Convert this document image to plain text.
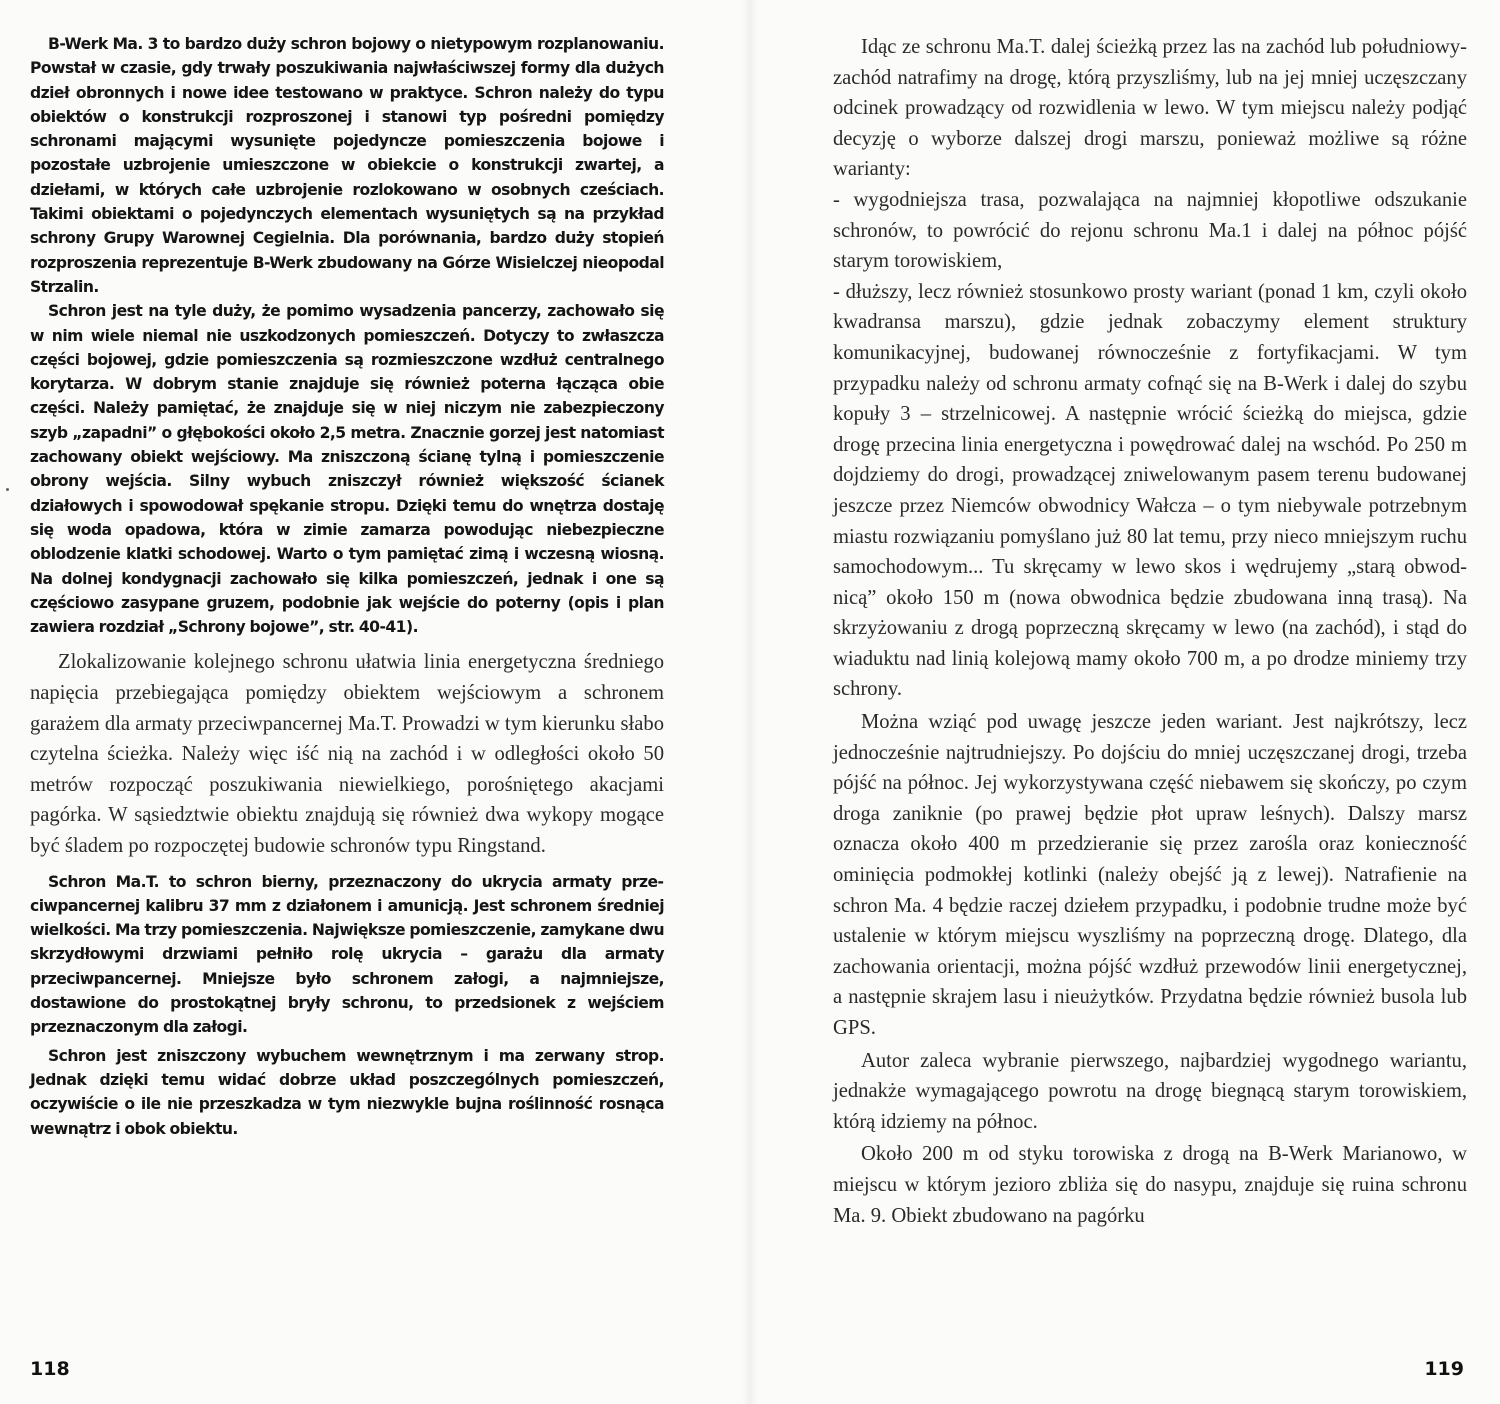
B-Werk Ma. 3 to bardzo duży schron bojowy o nietypowym rozplanowaniu. Powstał w czasie, gdy trwały poszukiwania najwłaściwszej formy dla dużych dzieł obronnych i nowe idee testowano w praktyce. Schron należy do typu obiektów o konstrukcji rozproszonej i stanowi typ pośredni pomiędzy schronami mającymi wysunięte pojedyncze pomieszczenia bojowe i pozostałe uzbrojenie umieszczone w obiekcie o konstrukcji zwartej, a dziełami, w których całe uzbrojenie rozlokowano w osobnych cześciach. Takimi obiektami o pojedynczych elementach wysuniętych są na przykład schrony Grupy Warownej Cegielnia. Dla porównania, bardzo duży stopień rozproszenia reprezentuje B-Werk zbudowany na Górze Wisielczej nieopodal Strzalin.

Schron jest na tyle duży, że pomimo wysadzenia pancerzy, zachowało się w nim wiele niemal nie uszkodzonych pomieszczeń. Dotyczy to zwłaszcza części bojowej, gdzie pomieszczenia są rozmieszczone wzdłuż centralnego korytarza. W dobrym stanie znajduje się również poterna łącząca obie części. Należy pamiętać, że znajduje się w niej niczym nie zabezpieczony szyb „zapadni” o głębokości około 2,5 metra. Znacznie gorzej jest natomiast zachowany obiekt wejściowy. Ma zniszczoną ścianę tylną i pomieszczenie obrony wejścia. Silny wybuch zniszczył również większość ścianek działowych i spowodował spękanie stropu. Dzięki temu do wnętrza dostaję się woda opadowa, która w zimie zamarza powodując niebezpieczne oblodzenie klatki schodowej. Warto o tym pamiętać zimą i wczesną wiosną. Na dolnej kondygnacji zachowało się kilka pomieszczeń, jednak i one są częściowo zasypane gruzem, podobnie jak wejście do poterny (opis i plan zawiera rozdział „Schrony bojowe”, str. 40-41).

Zlokalizowanie kolejnego schronu ułatwia linia energetyczna średniego napięcia przebiegająca pomiędzy obiektem wejściowym a schronem garażem dla armaty przeciwpancernej Ma.T. Prowadzi w tym kierunku słabo czytelna ścieżka. Należy więc iść nią na zachód i w odległości około 50 metrów rozpocząć poszukiwania niewielkiego, porośniętego akacjami pagórka. W sąsiedztwie obiektu znajdują się również dwa wykopy mogące być śladem po rozpoczętej budowie schronów typu Ringstand.

Schron Ma.T. to schron bierny, przeznaczony do ukrycia armaty przeciwpancernej kalibru 37 mm z działonem i amunicją. Jest schronem średniej wielkości. Ma trzy pomieszczenia. Największe pomieszczenie, zamykane dwu skrzydłowymi drzwiami pełniło rolę ukrycia – garażu dla armaty przeciwpancernej. Mniejsze było schronem załogi, a najmniejsze, dostawione do prostokątnej bryły schronu, to przedsionek z wejściem przeznaczonym dla załogi.

Schron jest zniszczony wybuchem wewnętrznym i ma zerwany strop. Jednak dzięki temu widać dobrze układ poszczególnych pomieszczeń, oczywiście o ile nie przeszkadza w tym niezwykle bujna roślinność rosnąca wewnątrz i obok obiektu.

118

Idąc ze schronu Ma.T. dalej ścieżką przez las na zachód lub południowy-zachód natrafimy na drogę, którą przyszliśmy, lub na jej mniej uczęszczany odcinek prowadzący od rozwidlenia w lewo. W tym miejscu należy podjąć decyzję o wyborze dalszej drogi marszu, ponieważ możliwe są różne warianty:

- wygodniejsza trasa, pozwalająca na najmniej kłopotliwe odszukanie schronów, to powrócić do rejonu schronu Ma.1 i dalej na północ pójść starym torowiskiem,

- dłuższy, lecz również stosunkowo prosty wariant (ponad 1 km, czyli około kwadransa marszu), gdzie jednak zobaczymy element struktury komunikacyjnej, budowanej równocześnie z fortyfikacjami. W tym przypadku należy od schronu armaty cofnąć się na B-Werk i dalej do szybu kopuły 3 – strzelnicowej. A następnie wrócić ścieżką do miejsca, gdzie drogę przecina linia energetyczna i powędrować dalej na wschód. Po 250 m dojdziemy do drogi, prowadzącej zniwelowanym pasem terenu budowanej jeszcze przez Niemców obwodnicy Wałcza – o tym niebywale potrzebnym miastu rozwiązaniu pomyślano już 80 lat temu, przy nieco mniejszym ruchu samochodowym... Tu skręcamy w lewo skos i wędrujemy „starą obwodnicą” około 150 m (nowa obwodnica będzie zbudowana inną trasą). Na skrzyżowaniu z drogą poprzeczną skręcamy w lewo (na zachód), i stąd do wiaduktu nad linią kolejową mamy około 700 m, a po drodze miniemy trzy schrony.

Można wziąć pod uwagę jeszcze jeden wariant. Jest najkrótszy, lecz jednocześnie najtrudniejszy. Po dojściu do mniej uczęszczanej drogi, trzeba pójść na północ. Jej wykorzystywana część niebawem się skończy, po czym droga zaniknie (po prawej będzie płot upraw leśnych). Dalszy marsz oznacza około 400 m przedzieranie się przez zarośla oraz konieczność ominięcia podmokłej kotlinki (należy obejść ją z lewej). Natrafienie na schron Ma. 4 będzie raczej dziełem przypadku, i podobnie trudne może być ustalenie w którym miejscu wyszliśmy na poprzeczną drogę. Dlatego, dla zachowania orientacji, można pójść wzdłuż przewodów linii energetycznej, a następnie skrajem lasu i nieużytków. Przydatna będzie również busola lub GPS.

Autor zaleca wybranie pierwszego, najbardziej wygodnego wariantu, jednakże wymagającego powrotu na drogę biegnącą starym torowiskiem, którą idziemy na północ.

Około 200 m od styku torowiska z drogą na B-Werk Marianowo, w miejscu w którym jezioro zbliża się do nasypu, znajduje się ruina schronu Ma. 9. Obiekt zbudowano na pagórku

119
